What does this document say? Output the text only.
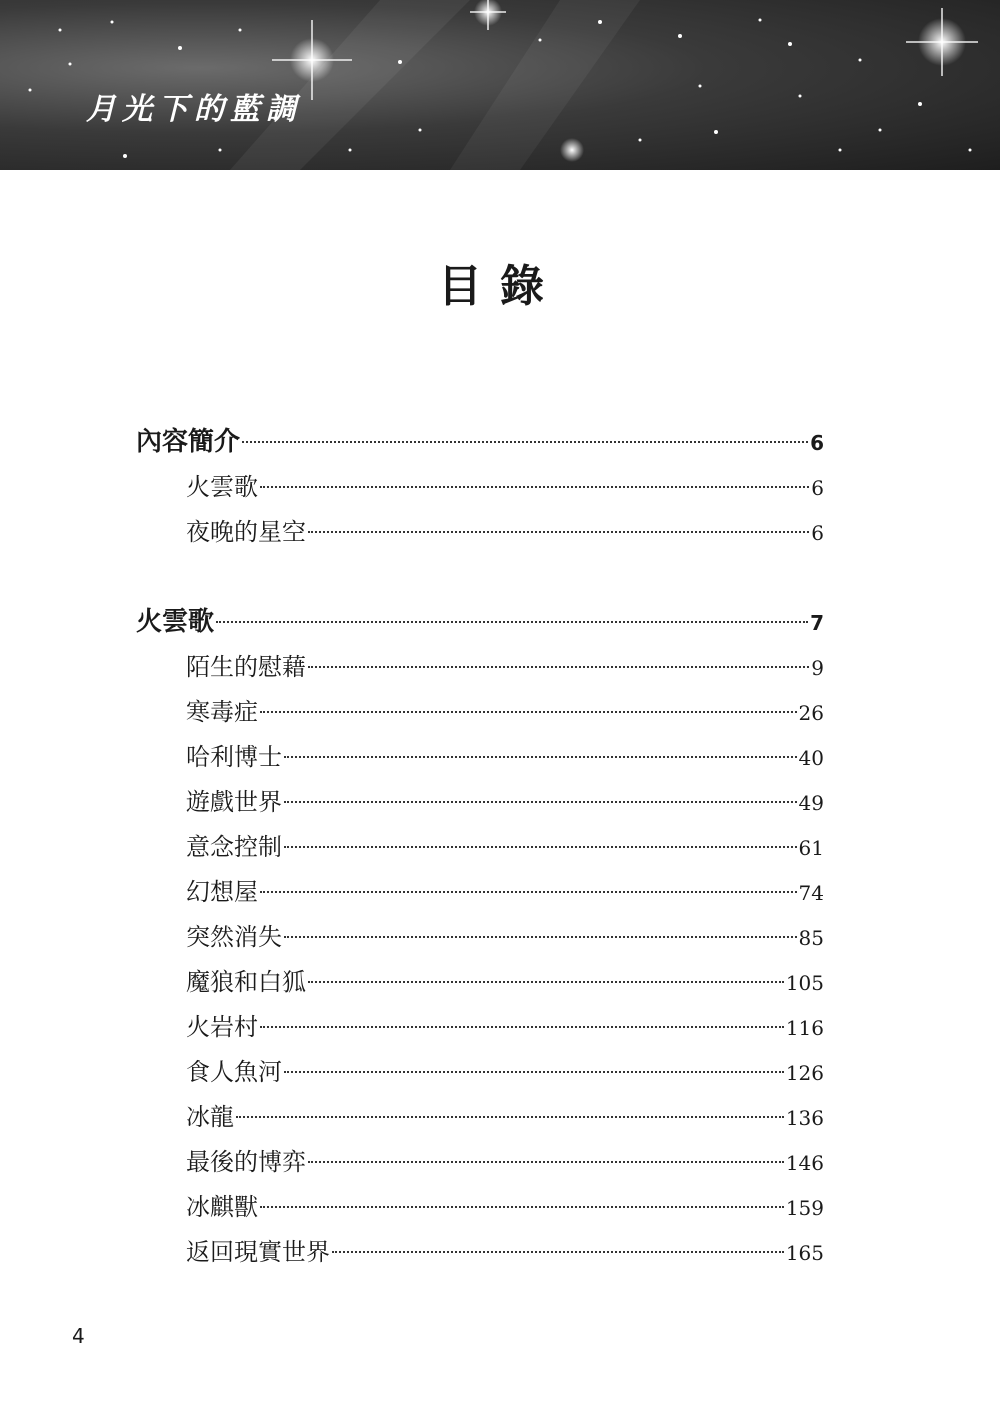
月光下的藍調
目錄
內容簡介	6
火雲歌	6
夜晚的星空	6
火雲歌	7
陌生的慰藉	9
寒毒症	26
哈利博士	40
遊戲世界	49
意念控制	61
幻想屋	74
突然消失	85
魔狼和白狐	105
火岩村	116
食人魚河	126
冰龍	136
最後的博弈	146
冰麒獸	159
返回現實世界	165
4
